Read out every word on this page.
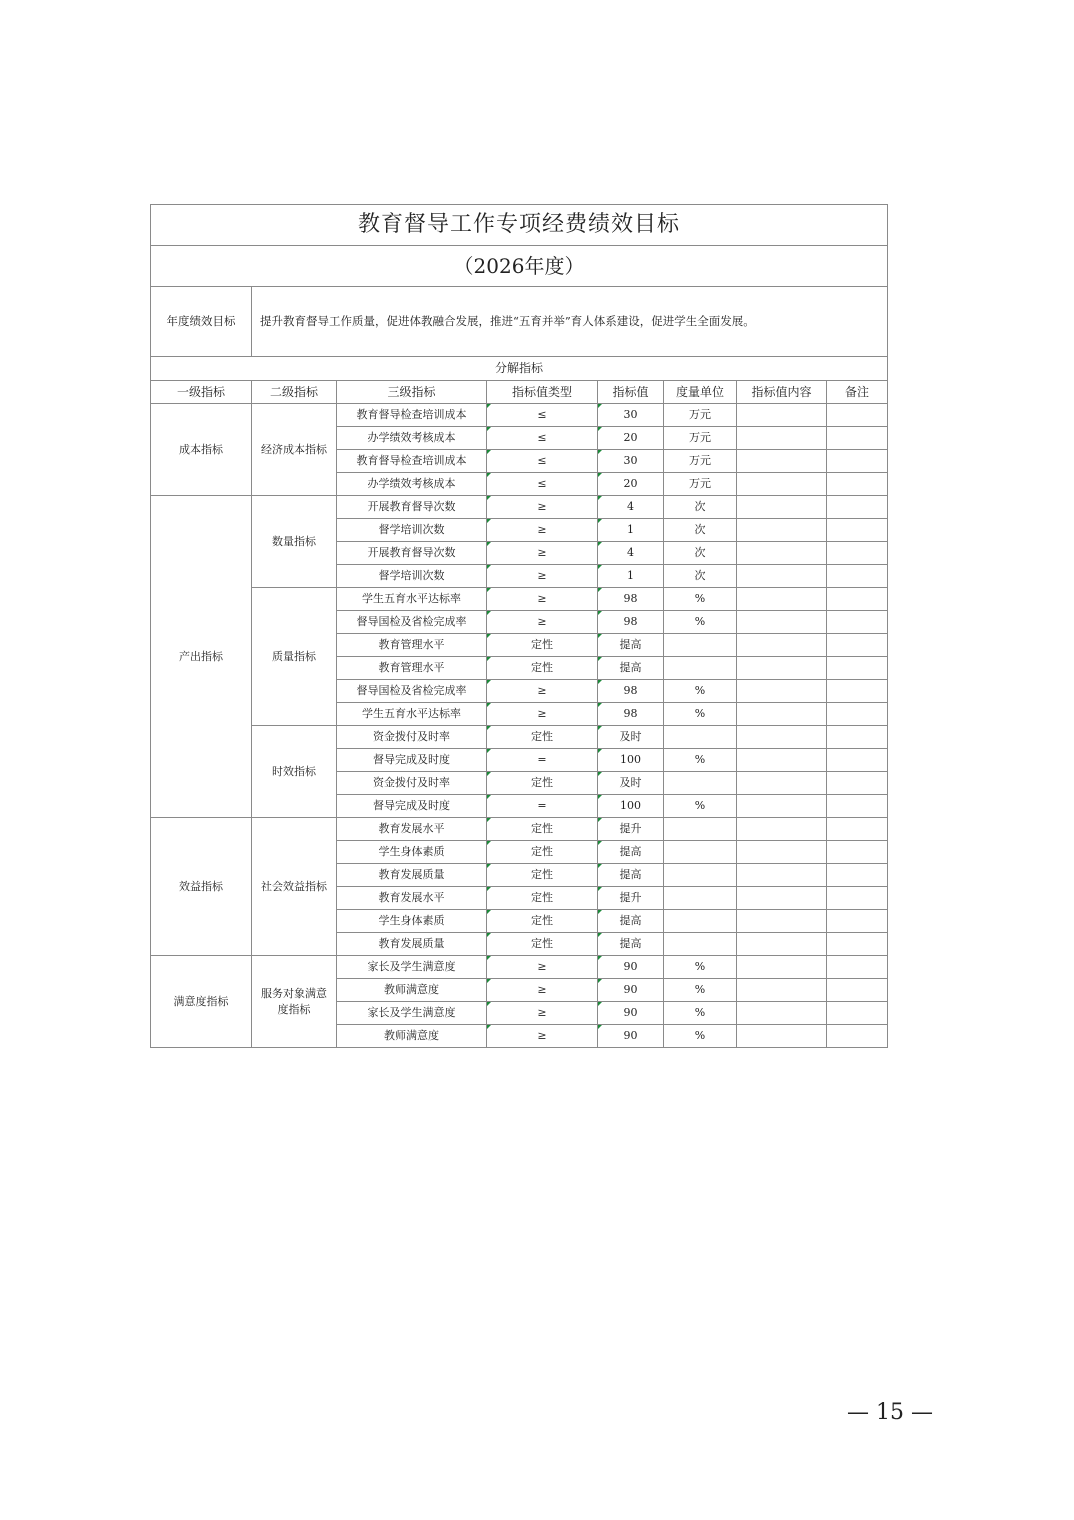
教育督导工作专项经费绩效目标							
（2026年度）							
年度绩效目标	提升教育督导工作质量，促进体教融合发展，推进“五育并举”育人体系建设，促进学生全面发展。						
分解指标							
一级指标	二级指标	三级指标	指标值类型	指标值	度量单位	指标值内容	备注
成本指标	经济成本指标	教育督导检查培训成本	≤	30	万元		
		办学绩效考核成本	≤	20	万元		
		教育督导检查培训成本	≤	30	万元		
		办学绩效考核成本	≤	20	万元		
产出指标	数量指标	开展教育督导次数	≥	4	次		
		督学培训次数	≥	1	次		
		开展教育督导次数	≥	4	次		
		督学培训次数	≥	1	次		
	质量指标	学生五育水平达标率	≥	98	%		
		督导国检及省检完成率	≥	98	%		
		教育管理水平	定性	提高			
		教育管理水平	定性	提高			
		督导国检及省检完成率	≥	98	%		
		学生五育水平达标率	≥	98	%		
	时效指标	资金拨付及时率	定性	及时			
		督导完成及时度	=	100	%		
		资金拨付及时率	定性	及时			
		督导完成及时度	=	100	%		
效益指标	社会效益指标	教育发展水平	定性	提升			
		学生身体素质	定性	提高			
		教育发展质量	定性	提高			
		教育发展水平	定性	提升			
		学生身体素质	定性	提高			
		教育发展质量	定性	提高			
满意度指标	服务对象满意度指标	家长及学生满意度	≥	90	%		
		教师满意度	≥	90	%		
		家长及学生满意度	≥	90	%		
		教师满意度	≥	90	%		
— 15 —
